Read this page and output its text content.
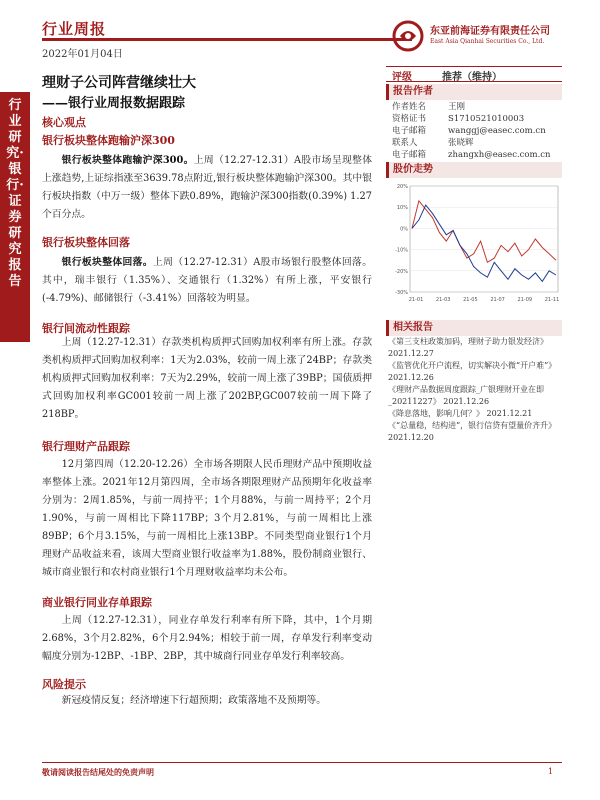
行业周报
2022年01月04日
东亚前海证券有限责任公司
East Asia Qianhai Securities Co., Ltd.
行业研究·银行·证券研究报告
理财子公司阵营继续壮大
——银行业周报数据跟踪
核心观点
银行板块整体跑输沪深300
银行板块整体跑输沪深300。上周（12.27-12.31）A股市场呈现整体上涨趋势,上证综指涨至3639.78点附近,银行板块整体跑输沪深300。其中银行板块指数（中万一级）整体下跌0.89%，跑输沪深300指数(0.39%) 1.27个百分点。
银行板块整体回落
银行板块整体回落。上周（12.27-12.31）A股市场银行股整体回落。其中，瑞丰银行（1.35%）、交通银行（1.32%）有所上涨，平安银行(-4.79%)、邮储银行（-3.41%）回落较为明显。
银行间流动性跟踪
上周（12.27-12.31）存款类机构质押式回购加权利率有所上涨。存款类机构质押式回购加权利率：1天为2.03%，较前一周上涨了24BP；存款类机构质押式回购加权利率：7天为2.29%，较前一周上涨了39BP；国债质押式回购加权利率GC001较前一周上涨了202BP,GC007较前一周下降了218BP。
银行理财产品跟踪
12月第四周（12.20-12.26）全市场各期限人民币理财产品中预期收益率整体上涨。2021年12月第四周，全市场各期限理财产品预期年化收益率分别为：2周1.85%，与前一周持平；1个月88%，与前一周持平；2个月1.90%，与前一周相比下降117BP；3个月2.81%，与前一周相比上涨89BP；6个月3.15%，与前一周相比上涨13BP。不同类型商业银行1个月理财产品收益来看，该周大型商业银行收益率为1.88%，股份制商业银行、城市商业银行和农村商业银行1个月理财收益率均未公布。
商业银行同业存单跟踪
上周（12.27-12.31），同业存单发行利率有所下降，其中，1个月期2.68%，3个月2.82%，6个月2.94%；相较于前一周，存单发行利率变动幅度分别为-12BP、-1BP、2BP，其中城商行同业存单发行利率较高。
风险提示
新冠疫情反复；经济增速下行超预期；政策落地不及预期等。
评级	推荐（维持）
报告作者
作者姓名	王刚
资格证书	S1710521010003
电子邮箱	wanggj@easec.com.cn
联系人	张晓辉
电子邮箱	zhangxh@easec.com.cn
股价走势
-30%
-20%
-10%
0%
10%
20%
21-01	21-03	21-05	21-07	21-09	21-11
相关报告
《第三支柱政策加码，理财子助力银发经济》 2021.12.27
《监管优化开户流程，切实解决小微“开户难”》 2021.12.26
《理财产品数据周度跟踪_广银理财开业在即_20211227》 2021.12.26
《降息落地，影响几何？》 2021.12.21
《“总量稳，结构进”，银行信贷有望量价齐升》 2021.12.20
敬请阅读报告结尾处的免责声明	1
